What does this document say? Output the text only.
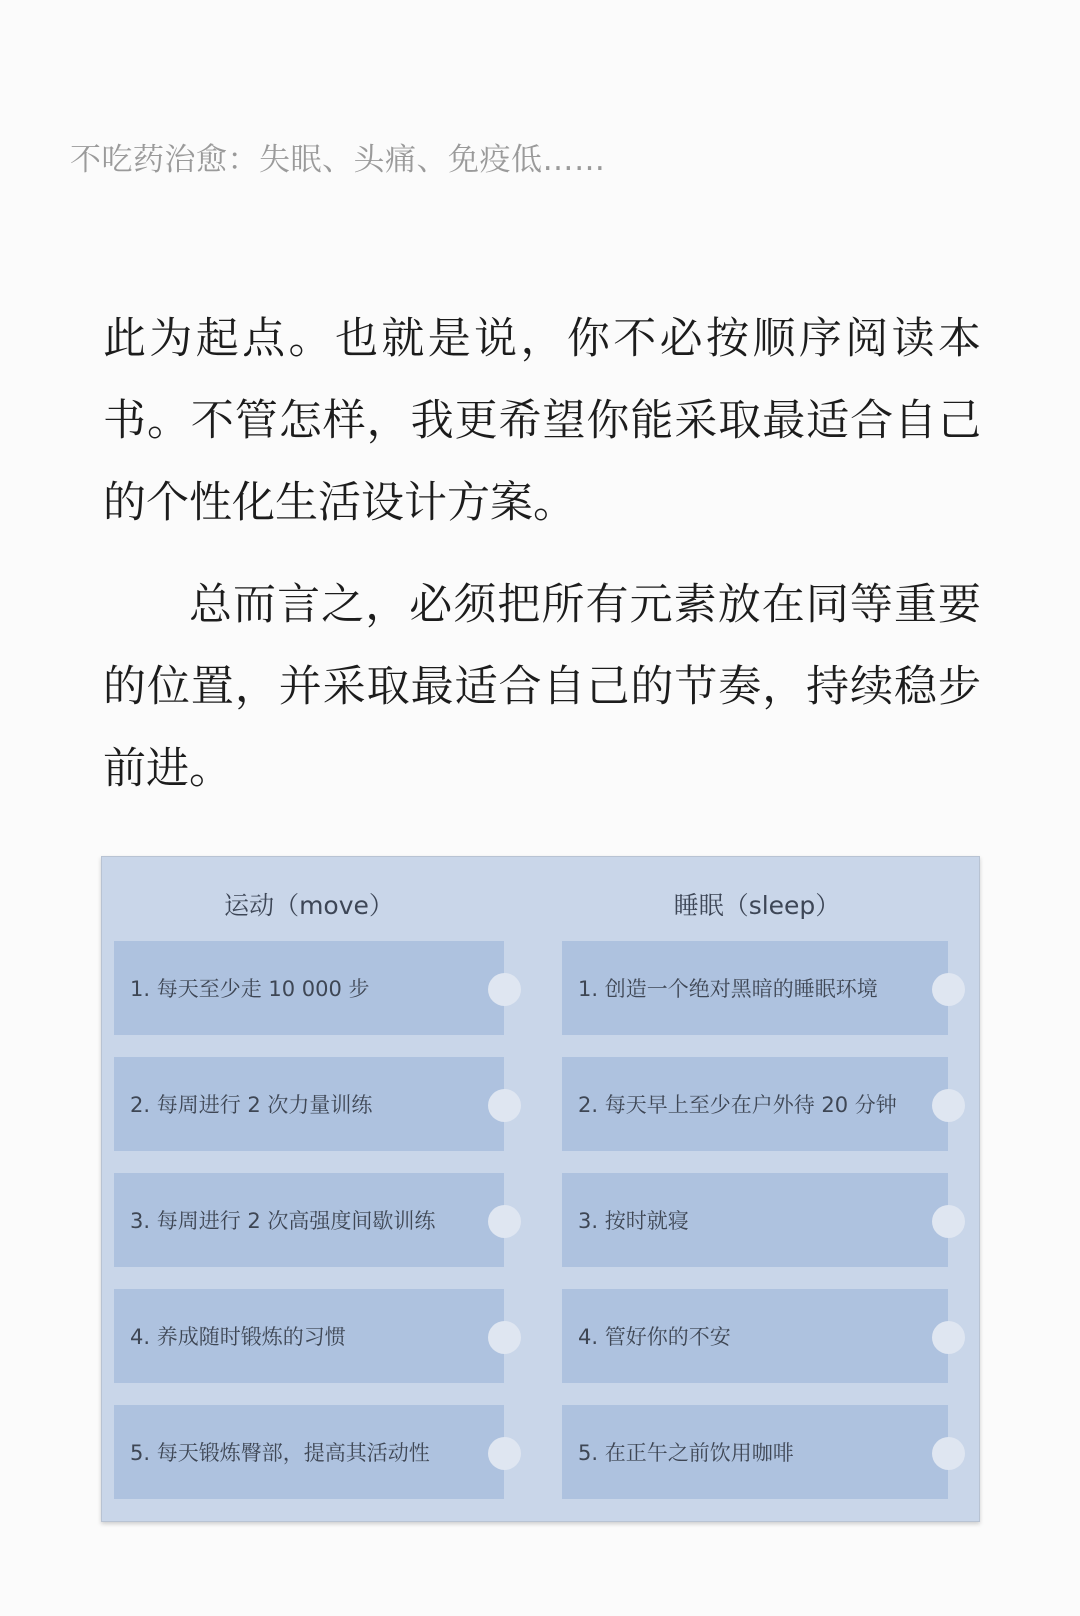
不吃药治愈：失眠、头痛、免疫低……

此为起点。也就是说，你不必按顺序阅读本书。不管怎样，我更希望你能采取最适合自己的个性化生活设计方案。

总而言之，必须把所有元素放在同等重要的位置，并采取最适合自己的节奏，持续稳步前进。

运动（move）
1. 每天至少走 10 000 步
2. 每周进行 2 次力量训练
3. 每周进行 2 次高强度间歇训练
4. 养成随时锻炼的习惯
5. 每天锻炼臀部，提高其活动性
睡眠（sleep）
1. 创造一个绝对黑暗的睡眠环境
2. 每天早上至少在户外待 20 分钟
3. 按时就寝
4. 管好你的不安
5. 在正午之前饮用咖啡
